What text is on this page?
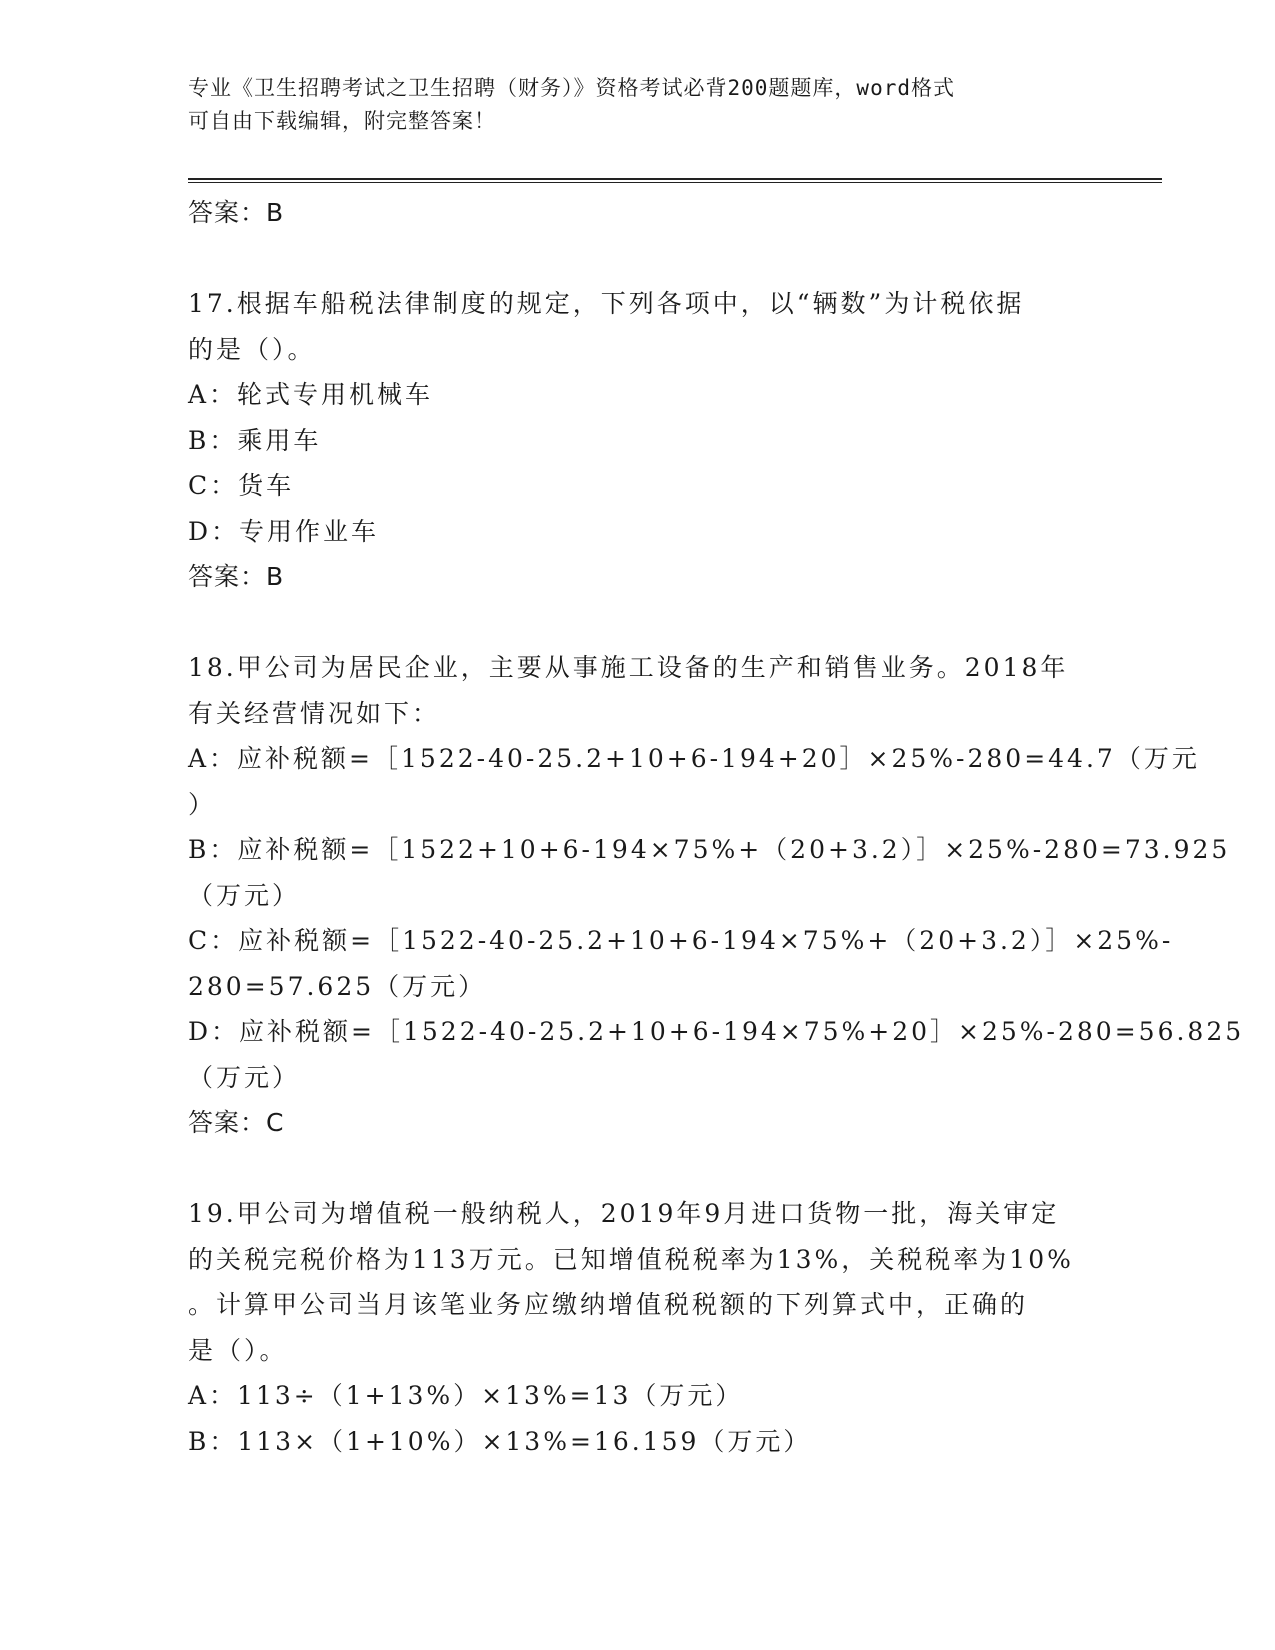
专业《卫生招聘考试之卫生招聘（财务）》资格考试必背200题题库，word格式
可自由下载编辑，附完整答案！
答案：B
17.根据车船税法律制度的规定，下列各项中，以“辆数”为计税依据
的是（）。
A：轮式专用机械车
B：乘用车
C：货车
D：专用作业车
答案：B
18.甲公司为居民企业，主要从事施工设备的生产和销售业务。2018年
有关经营情况如下：
A：应补税额=［1522-40-25.2+10+6-194+20］×25%-280=44.7（万元
）
B：应补税额=［1522+10+6-194×75%+（20+3.2）］×25%-280=73.925
（万元）
C：应补税额=［1522-40-25.2+10+6-194×75%+（20+3.2）］×25%-
280=57.625（万元）
D：应补税额=［1522-40-25.2+10+6-194×75%+20］×25%-280=56.825
（万元）
答案：C
19.甲公司为增值税一般纳税人，2019年9月进口货物一批，海关审定
的关税完税价格为113万元。已知增值税税率为13%，关税税率为10%
。计算甲公司当月该笔业务应缴纳增值税税额的下列算式中，正确的
是（）。
A：113÷（1+13%）×13%=13（万元）
B：113×（1+10%）×13%=16.159（万元）
